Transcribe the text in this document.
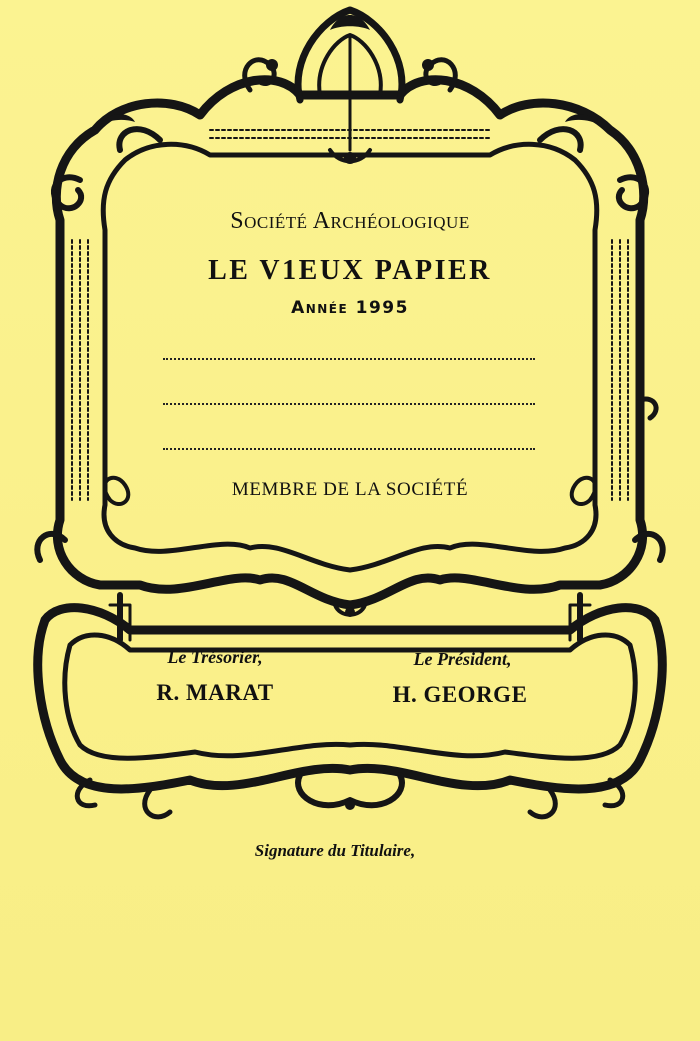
Société Archéologique
LE V1EUX PAPIER
Année 1995
MEMBRE DE LA SOCIÉTÉ
Le Trésorier,
R. MARAT
Le Président,
H. GEORGE
Signature du Titulaire,
